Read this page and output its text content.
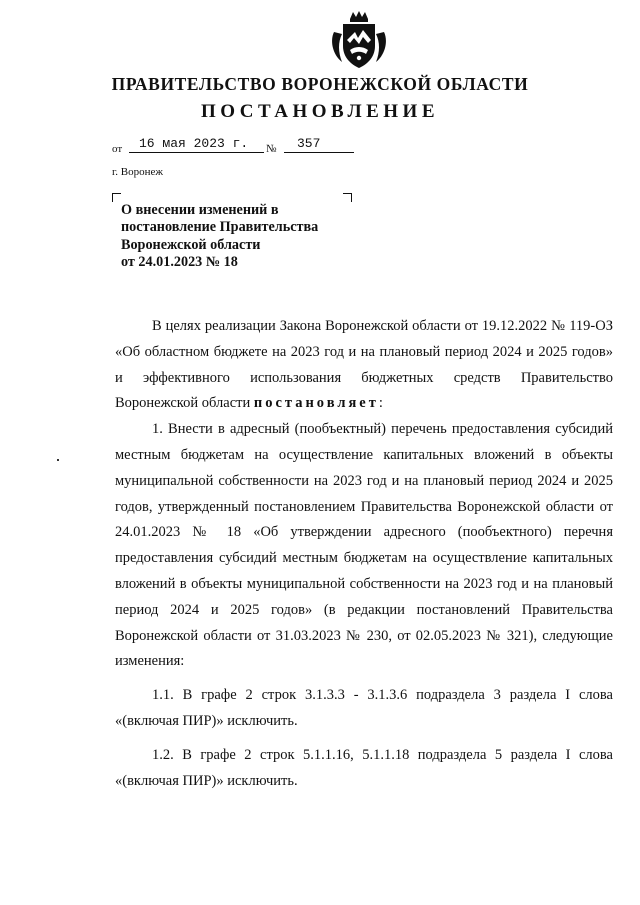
ПРАВИТЕЛЬСТВО ВОРОНЕЖСКОЙ ОБЛАСТИ
ПОСТАНОВЛЕНИЕ
от 16 мая 2023 г. № 357
г. Воронеж
О внесении изменений в
постановление Правительства
Воронежской области
от 24.01.2023 № 18

В целях реализации Закона Воронежской области от 19.12.2022 № 119-ОЗ «Об областном бюджете на 2023 год и на плановый период 2024 и 2025 годов» и эффективного использования бюджетных средств Правительство Воронежской области постановляет:

1. Внести в адресный (пообъектный) перечень предоставления субсидий местным бюджетам на осуществление капитальных вложений в объекты муниципальной собственности на 2023 год и на плановый период 2024 и 2025 годов, утвержденный постановлением Правительства Воронежской области от 24.01.2023 № 18 «Об утверждении адресного (пообъектного) перечня предоставления субсидий местным бюджетам на осуществление капитальных вложений в объекты муниципальной собственности на 2023 год и на плановый период 2024 и 2025 годов» (в редакции постановлений Правительства Воронежской области от 31.03.2023 № 230, от 02.05.2023 № 321), следующие изменения:

1.1. В графе 2 строк 3.1.3.3 - 3.1.3.6 подраздела 3 раздела I слова «(включая ПИР)» исключить.

1.2. В графе 2 строк 5.1.1.16, 5.1.1.18 подраздела 5 раздела I слова «(включая ПИР)» исключить.
